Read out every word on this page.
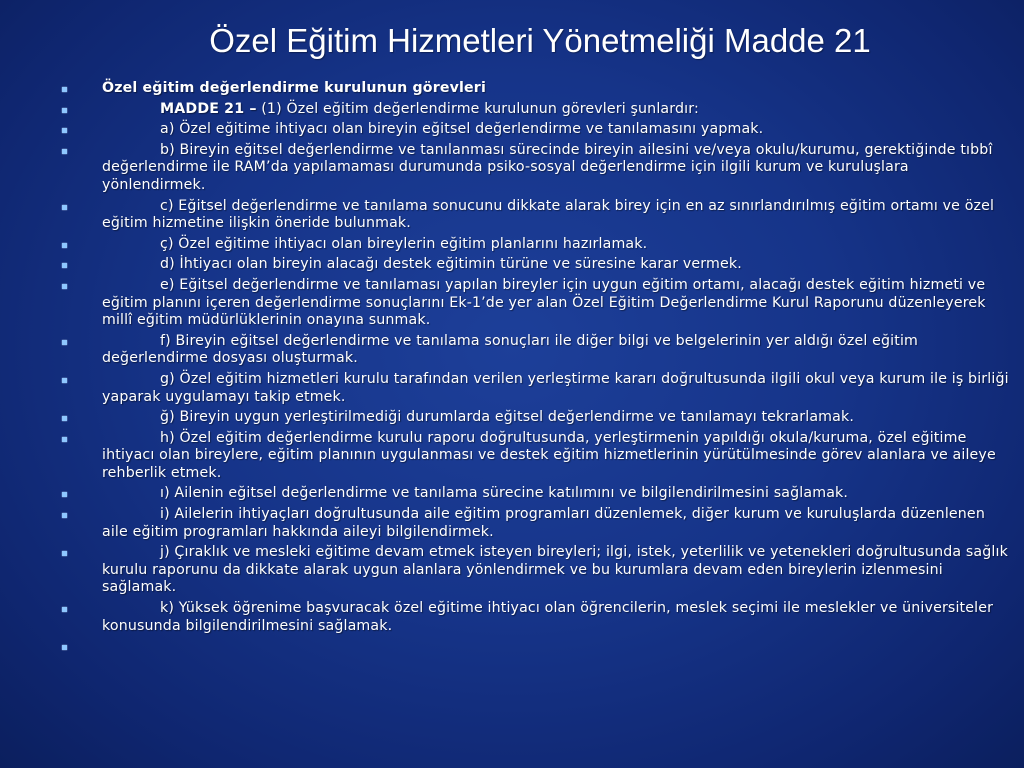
Özel Eğitim Hizmetleri Yönetmeliği Madde 21
Özel eğitim değerlendirme kurulunun görevleri
MADDE 21 – (1) Özel eğitim değerlendirme kurulunun görevleri şunlardır:
a) Özel eğitime ihtiyacı olan bireyin eğitsel değerlendirme ve tanılamasını yapmak.
b) Bireyin eğitsel değerlendirme ve tanılanması sürecinde bireyin ailesini ve/veya okulu/kurumu, gerektiğinde tıbbî değerlendirme ile RAM’da yapılamaması durumunda psiko-sosyal değerlendirme için ilgili kurum ve kuruluşlara yönlendirmek.
c) Eğitsel değerlendirme ve tanılama sonucunu dikkate alarak birey için en az sınırlandırılmış eğitim ortamı ve özel eğitim hizmetine ilişkin öneride bulunmak.
ç) Özel eğitime ihtiyacı olan bireylerin eğitim planlarını hazırlamak.
d) İhtiyacı olan bireyin alacağı destek eğitimin türüne ve süresine karar vermek.
e) Eğitsel değerlendirme ve tanılaması yapılan bireyler için uygun eğitim ortamı, alacağı destek eğitim hizmeti ve eğitim planını içeren değerlendirme sonuçlarını Ek-1’de yer alan Özel Eğitim Değerlendirme Kurul Raporunu düzenleyerek millî eğitim müdürlüklerinin onayına sunmak.
f) Bireyin eğitsel değerlendirme ve tanılama sonuçları ile diğer bilgi ve belgelerinin yer aldığı özel eğitim değerlendirme dosyası oluşturmak.
g) Özel eğitim hizmetleri kurulu tarafından verilen yerleştirme kararı doğrultusunda ilgili okul veya kurum ile iş birliği yaparak uygulamayı takip etmek.
ğ) Bireyin uygun yerleştirilmediği durumlarda eğitsel değerlendirme ve tanılamayı tekrarlamak.
h) Özel eğitim değerlendirme kurulu raporu doğrultusunda, yerleştirmenin yapıldığı okula/kuruma, özel eğitime ihtiyacı olan bireylere, eğitim planının uygulanması ve destek eğitim hizmetlerinin yürütülmesinde görev alanlara ve aileye rehberlik etmek.
ı) Ailenin eğitsel değerlendirme ve tanılama sürecine katılımını ve bilgilendirilmesini sağlamak.
i) Ailelerin ihtiyaçları doğrultusunda aile eğitim programları düzenlemek, diğer kurum ve kuruluşlarda düzenlenen aile eğitim programları hakkında aileyi bilgilendirmek.
j) Çıraklık ve mesleki eğitime devam etmek isteyen bireyleri; ilgi, istek, yeterlilik ve yetenekleri doğrultusunda sağlık kurulu raporunu da dikkate alarak uygun alanlara yönlendirmek ve bu kurumlara devam eden bireylerin izlenmesini sağlamak.
k) Yüksek öğrenime başvuracak özel eğitime ihtiyacı olan öğrencilerin, meslek seçimi ile meslekler ve üniversiteler konusunda bilgilendirilmesini sağlamak.
